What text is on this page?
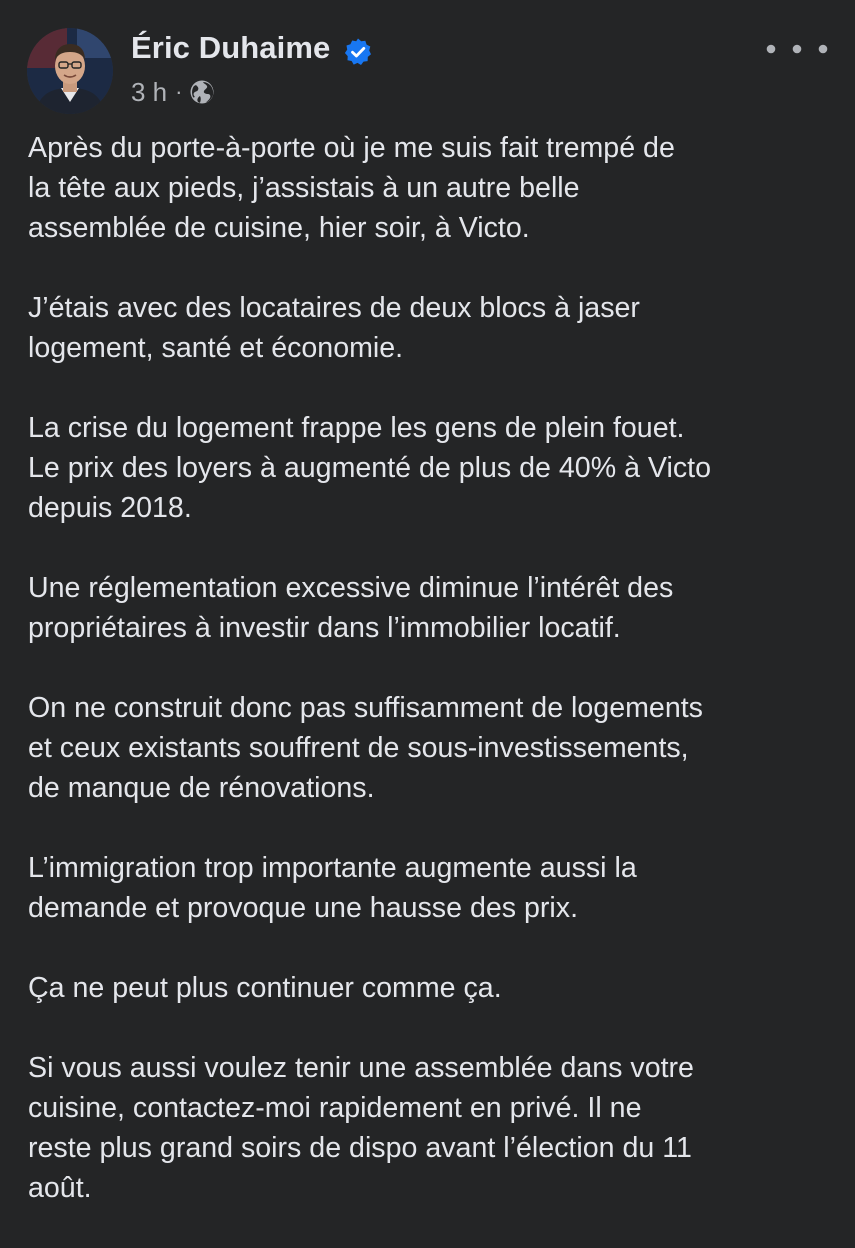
Éric Duhaime
3 h ·

Après du porte-à-porte où je me suis fait trempé de
la tête aux pieds, j’assistais à un autre belle
assemblée de cuisine, hier soir, à Victo.

J’étais avec des locataires de deux blocs à jaser
logement, santé et économie.

La crise du logement frappe les gens de plein fouet.
Le prix des loyers à augmenté de plus de 40% à Victo
depuis 2018.

Une réglementation excessive diminue l’intérêt des
propriétaires à investir dans l’immobilier locatif.

On ne construit donc pas suffisamment de logements
et ceux existants souffrent de sous-investissements,
de manque de rénovations.

L’immigration trop importante augmente aussi la
demande et provoque une hausse des prix.

Ça ne peut plus continuer comme ça.

Si vous aussi voulez tenir une assemblée dans votre
cuisine, contactez-moi rapidement en privé. Il ne
reste plus grand soirs de dispo avant l’élection du 11
août.
